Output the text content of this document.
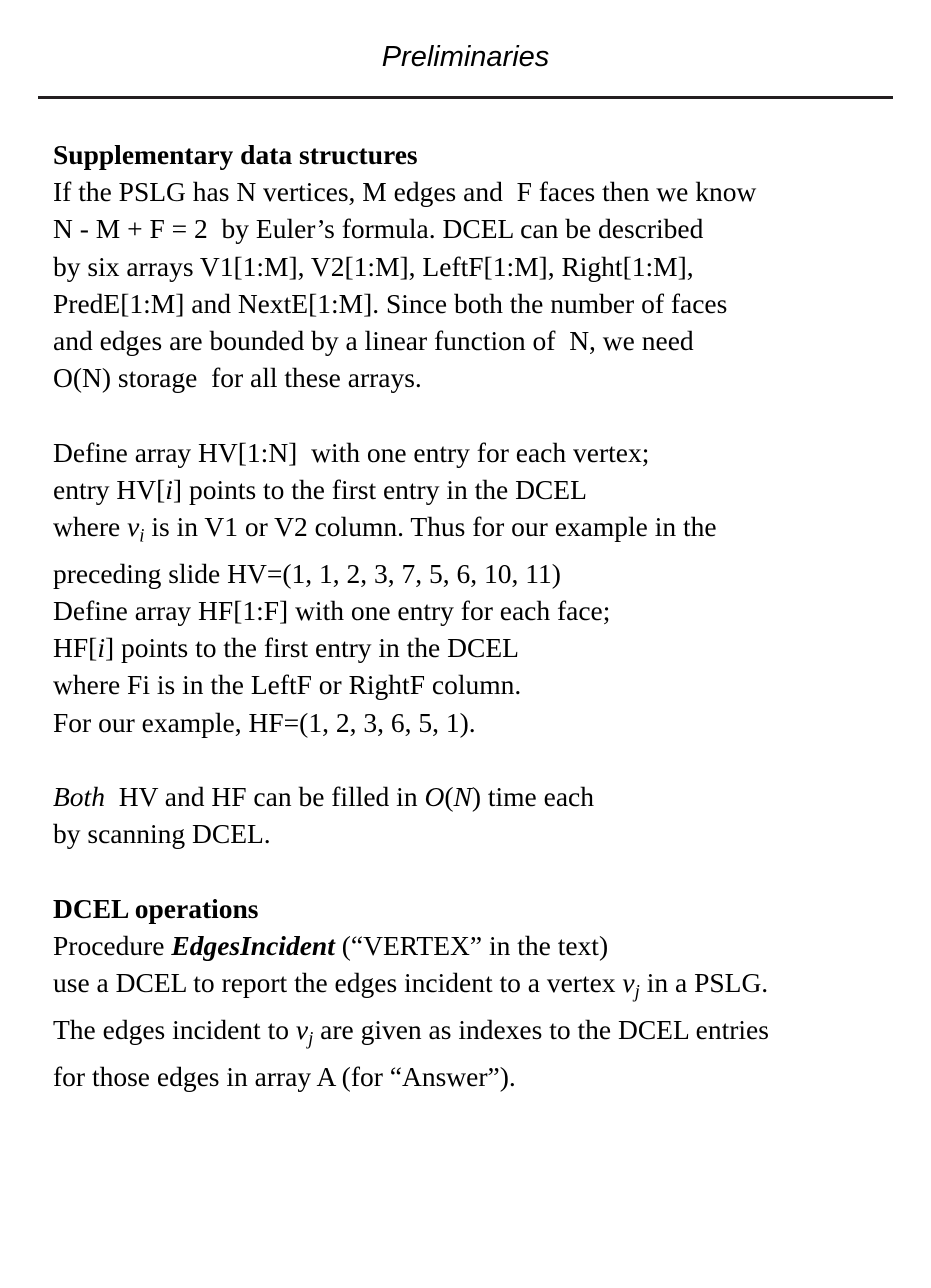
Preliminaries
Supplementary data structures
If the PSLG has N vertices, M edges and  F faces then we know
N - M + F = 2  by Euler’s formula. DCEL can be described
by six arrays V1[1:M], V2[1:M], LeftF[1:M], Right[1:M],
PredE[1:M] and NextE[1:M]. Since both the number of faces
and edges are bounded by a linear function of  N, we need
O(N) storage  for all these arrays.

Define array HV[1:N]  with one entry for each vertex;
entry HV[i] points to the first entry in the DCEL
where $v_i$ is in V1 or V2 column. Thus for our example in the
preceding slide HV=(1, 1, 2, 3, 7, 5, 6, 10, 11)
Define array HF[1:F] with one entry for each face;
HF[i] points to the first entry in the DCEL
where Fi is in the LeftF or RightF column.
For our example, HF=(1, 2, 3, 6, 5, 1).

Both  HV and HF can be filled in O(N) time each
by scanning DCEL.

DCEL operations
Procedure EdgesIncident (“VERTEX” in the text)
use a DCEL to report the edges incident to a vertex $v_j$ in a PSLG.
The edges incident to $v_j$ are given as indexes to the DCEL entries
for those edges in array A (for “Answer”).
